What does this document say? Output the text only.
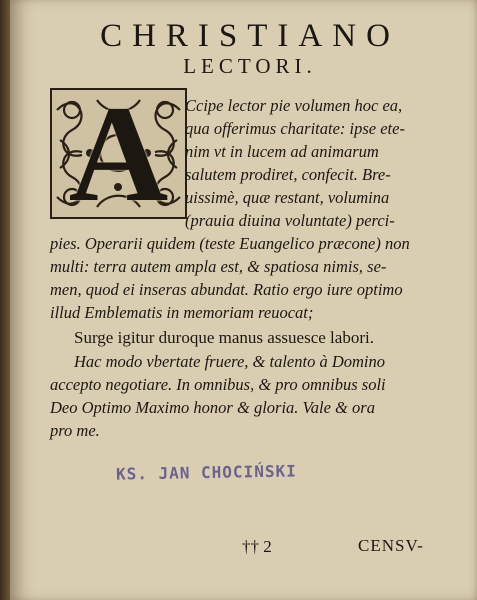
CHRISTIANO
LECTORI.
A	Ccipe lector pie volumen hoc ea,
qua offerimus charitate: ipse ete-
nim vt in lucem ad animarum
salutem prodiret, confecit. Bre-
uissimè, quæ restant, volumina
(prauia diuina voluntate) perci-
pies. Operarii quidem (teste Euangelico præcone) non
multi: terra autem ampla est, & spatiosa nimis, se-
men, quod ei inseras abundat. Ratio ergo iure optimo
illud Emblematis in memoriam reuocat;
Surge igitur duroque manus assuesce labori.
Hac modo vbertate fruere, & talento à Domino
accepto negotiare. In omnibus, & pro omnibus soli
Deo Optimo Maximo honor & gloria. Vale & ora
pro me.
KS. JAN CHOCIŃSKI
†† 2	CENSV-
